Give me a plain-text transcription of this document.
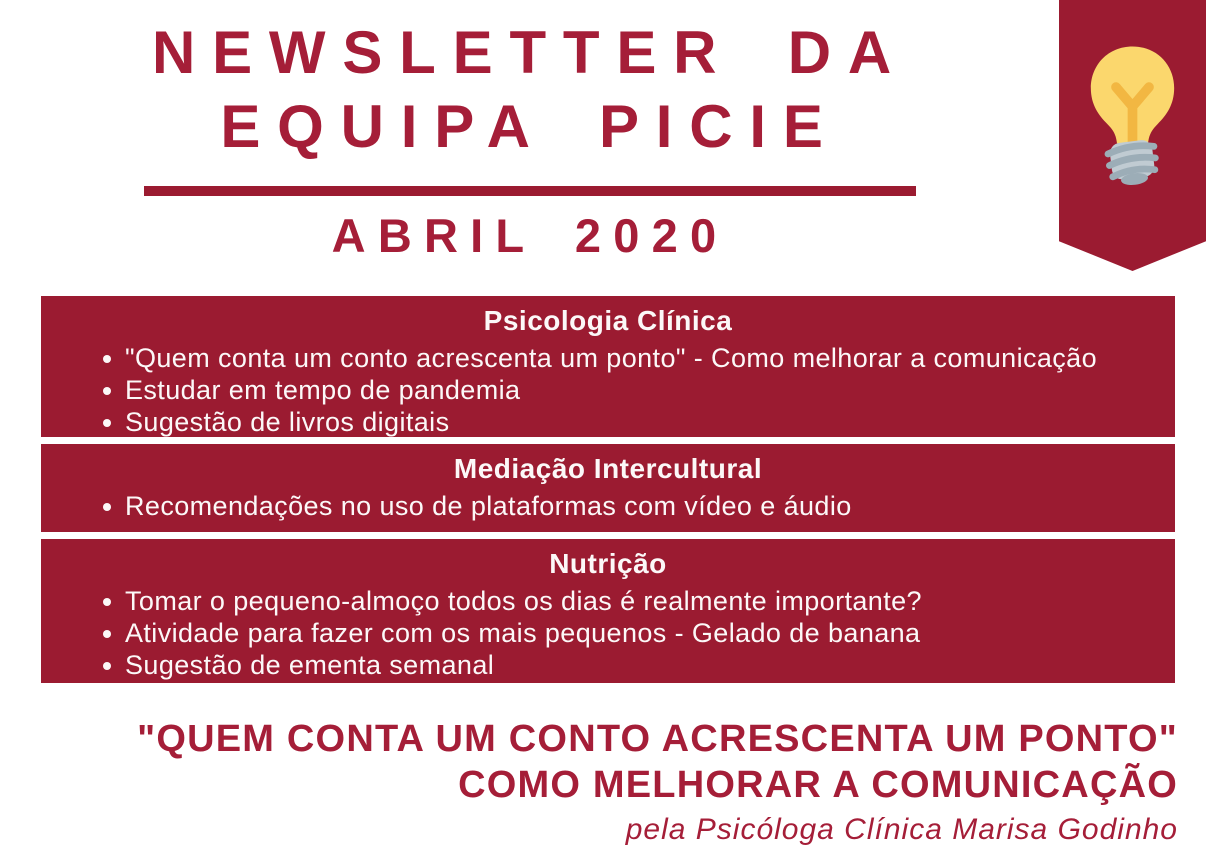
NEWSLETTER DA
EQUIPA PICIE
ABRIL 2020
Psicologia Clínica
"Quem conta um conto acrescenta um ponto" - Como melhorar a comunicação
Estudar em tempo de pandemia
Sugestão de livros digitais
Mediação Intercultural
Recomendações no uso de plataformas com vídeo e áudio
Nutrição
Tomar o pequeno-almoço todos os dias é realmente importante?
Atividade para fazer com os mais pequenos - Gelado de banana
Sugestão de ementa semanal
"QUEM CONTA UM CONTO ACRESCENTA UM PONTO"
COMO MELHORAR A COMUNICAÇÃO
pela Psicóloga Clínica Marisa Godinho
